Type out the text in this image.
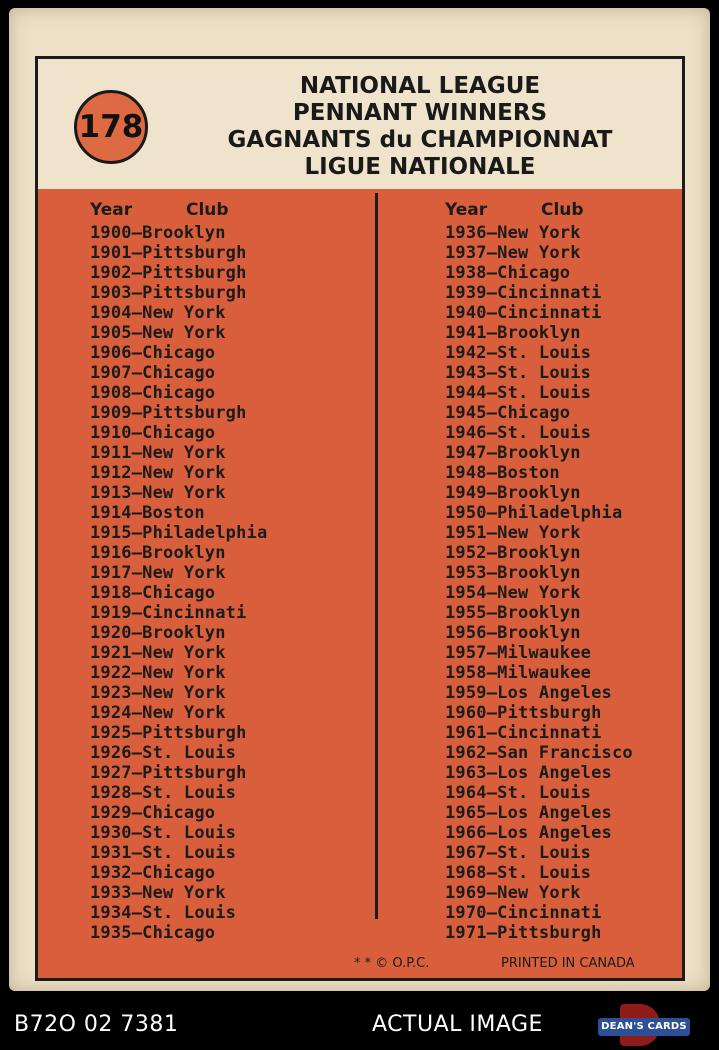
178
NATIONAL LEAGUE
PENNANT WINNERS
GAGNANTS du CHAMPIONNAT
LIGUE NATIONALE
Year	Club
1900—Brooklyn
1901—Pittsburgh
1902—Pittsburgh
1903—Pittsburgh
1904—New York
1905—New York
1906—Chicago
1907—Chicago
1908—Chicago
1909—Pittsburgh
1910—Chicago
1911—New York
1912—New York
1913—New York
1914—Boston
1915—Philadelphia
1916—Brooklyn
1917—New York
1918—Chicago
1919—Cincinnati
1920—Brooklyn
1921—New York
1922—New York
1923—New York
1924—New York
1925—Pittsburgh
1926—St. Louis
1927—Pittsburgh
1928—St. Louis
1929—Chicago
1930—St. Louis
1931—St. Louis
1932—Chicago
1933—New York
1934—St. Louis
1935—Chicago
Year	Club
1936—New York
1937—New York
1938—Chicago
1939—Cincinnati
1940—Cincinnati
1941—Brooklyn
1942—St. Louis
1943—St. Louis
1944—St. Louis
1945—Chicago
1946—St. Louis
1947—Brooklyn
1948—Boston
1949—Brooklyn
1950—Philadelphia
1951—New York
1952—Brooklyn
1953—Brooklyn
1954—New York
1955—Brooklyn
1956—Brooklyn
1957—Milwaukee
1958—Milwaukee
1959—Los Angeles
1960—Pittsburgh
1961—Cincinnati
1962—San Francisco
1963—Los Angeles
1964—St. Louis
1965—Los Angeles
1966—Los Angeles
1967—St. Louis
1968—St. Louis
1969—New York
1970—Cincinnati
1971—Pittsburgh
* * © O.P.C.	PRINTED IN CANADA
B72O 02 7381	ACTUAL IMAGE	DEAN'S CARDS
